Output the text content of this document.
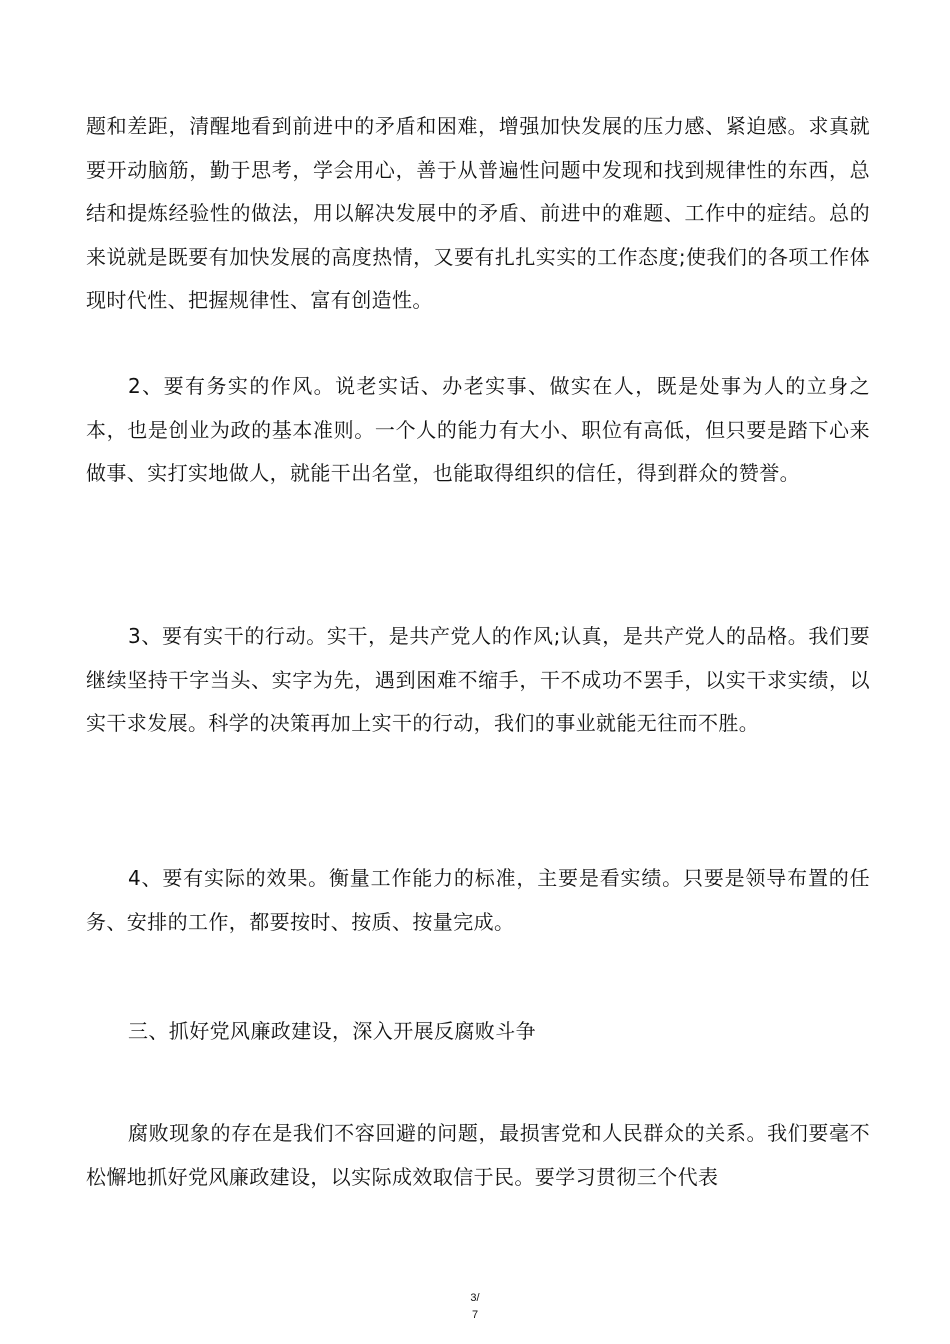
题和差距，清醒地看到前进中的矛盾和困难，增强加快发展的压力感、紧迫感。求真就要开动脑筋，勤于思考，学会用心，善于从普遍性问题中发现和找到规律性的东西，总结和提炼经验性的做法，用以解决发展中的矛盾、前进中的难题、工作中的症结。总的来说就是既要有加快发展的高度热情，又要有扎扎实实的工作态度;使我们的各项工作体现时代性、把握规律性、富有创造性。

2、要有务实的作风。说老实话、办老实事、做实在人，既是处事为人的立身之本，也是创业为政的基本准则。一个人的能力有大小、职位有高低，但只要是踏下心来做事、实打实地做人，就能干出名堂，也能取得组织的信任，得到群众的赞誉。

3、要有实干的行动。实干，是共产党人的作风;认真，是共产党人的品格。我们要继续坚持干字当头、实字为先，遇到困难不缩手，干不成功不罢手，以实干求实绩，以实干求发展。科学的决策再加上实干的行动，我们的事业就能无往而不胜。

4、要有实际的效果。衡量工作能力的标准，主要是看实绩。只要是领导布置的任务、安排的工作，都要按时、按质、按量完成。

三、抓好党风廉政建设，深入开展反腐败斗争

腐败现象的存在是我们不容回避的问题，最损害党和人民群众的关系。我们要毫不松懈地抓好党风廉政建设，以实际成效取信于民。要学习贯彻三个代表

3/
7
